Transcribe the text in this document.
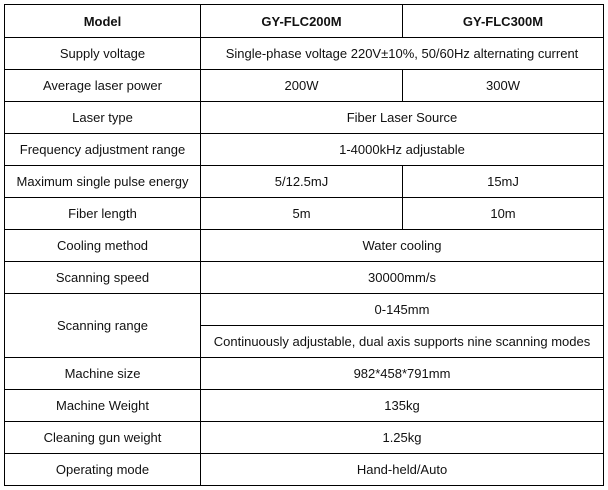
Model	GY-FLC200M	GY-FLC300M
Supply voltage	Single-phase voltage 220V±10%, 50/60Hz alternating current	
Average laser power	200W	300W
Laser type	Fiber Laser Source	
Frequency adjustment range	1-4000kHz adjustable	
Maximum single pulse energy	5/12.5mJ	15mJ
Fiber length	5m	10m
Cooling method	Water cooling	
Scanning speed	30000mm/s	
Scanning range	0-145mm	
	Continuously adjustable, dual axis supports nine scanning modes	
Machine size	982*458*791mm	
Machine Weight	135kg	
Cleaning gun weight	1.25kg	
Operating mode	Hand-held/Auto	
